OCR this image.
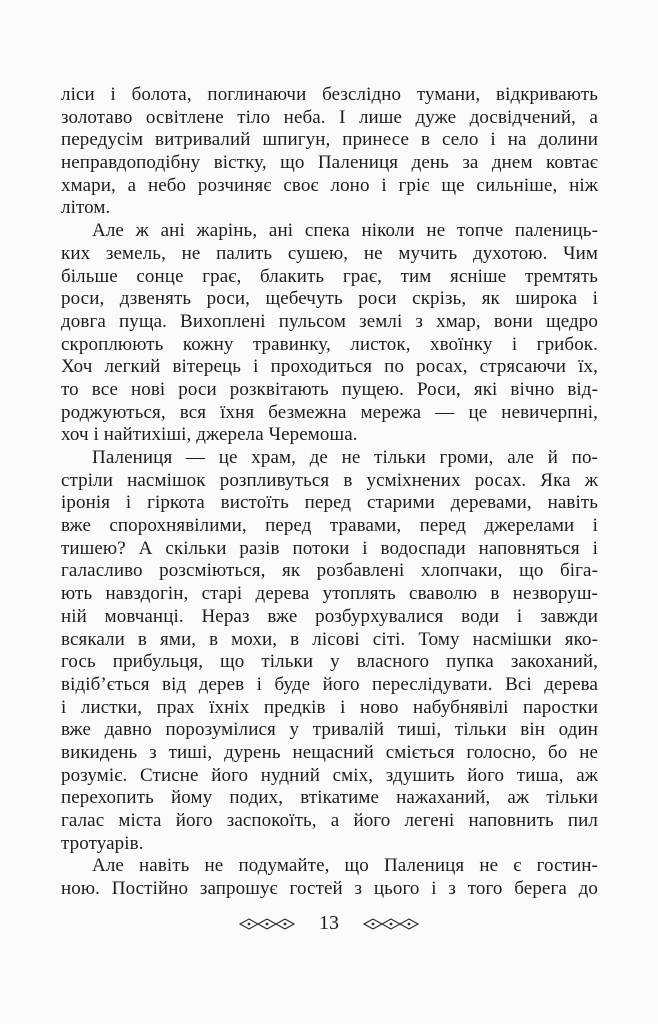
ліси і болота, поглинаючи безслідно тумани, відкривають
золотаво освітлене тіло неба. І лише дуже досвідчений, а
передусім витривалий шпигун, принесе в село і на долини
неправдоподібну вістку, що Палениця день за днем ковтає
хмари, а небо розчиняє своє лоно і гріє ще сильніше, ніж
літом.
Але ж ані жарінь, ані спека ніколи не топче палениць-
ких земель, не палить сушею, не мучить духотою. Чим
більше сонце грає, блакить грає, тим ясніше тремтять
роси, дзвенять роси, щебечуть роси скрізь, як широка і
довга пуща. Вихоплені пульсом землі з хмар, вони щедро
скроплюють кожну травинку, листок, хвоїнку і грибок.
Хоч легкий вітерець і проходиться по росах, стрясаючи їх,
то все нові роси розквітають пущею. Роси, які вічно від-
роджуються, вся їхня безмежна мережа — це невичерпні,
хоч і найтихіші, джерела Черемоша.
Палениця — це храм, де не тільки громи, але й по-
стріли насмішок розпливуться в усміхнених росах. Яка ж
іронія і гіркота вистоїть перед старими деревами, навіть
вже спорохнявілими, перед травами, перед джерелами і
тишею? А скільки разів потоки і водоспади наповняться і
галасливо розсміються, як розбавлені хлопчаки, що біга-
ють навздогін, старі дерева утоплять сваволю в незворуш-
ній мовчанці. Нераз вже розбурхувалися води і завжди
всякали в ями, в мохи, в лісові сіті. Тому насмішки яко-
гось прибульця, що тільки у власного пупка закоханий,
відіб’ється від дерев і буде його переслідувати. Всі дерева
і листки, прах їхніх предків і ново набубнявілі паростки
вже давно порозумілися у тривалій тиші, тільки він один
викидень з тиші, дурень нещасний сміється голосно, бо не
розуміє. Стисне його нудний сміх, здушить його тиша, аж
перехопить йому подих, втікатиме нажаханий, аж тільки
галас міста його заспокоїть, а його легені наповнить пил
тротуарів.
Але навіть не подумайте, що Палениця не є гостин-
ною. Постійно запрошує гостей з цього і з того берега до
13
